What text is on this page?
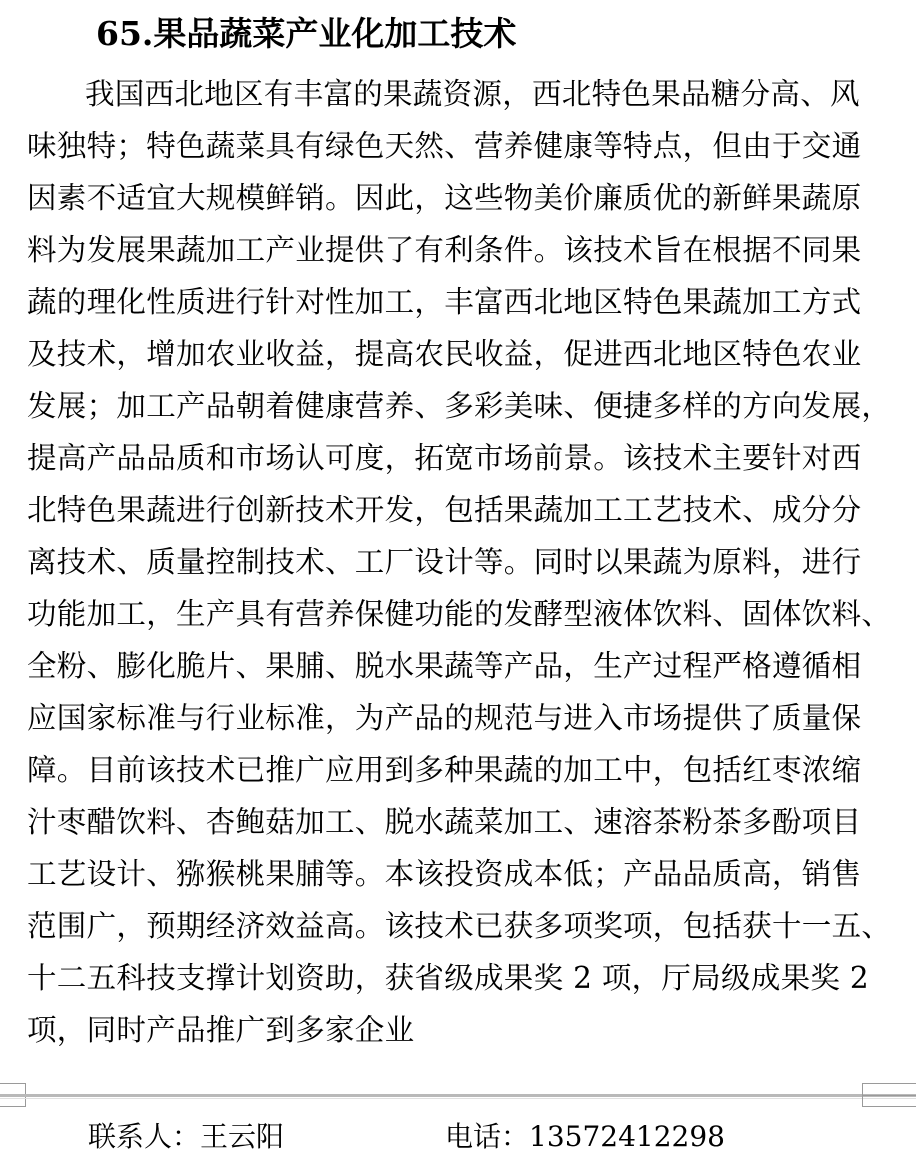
65.果品蔬菜产业化加工技术
我国西北地区有丰富的果蔬资源，西北特色果品糖分高、风
味独特；特色蔬菜具有绿色天然、营养健康等特点，但由于交通
因素不适宜大规模鲜销。因此，这些物美价廉质优的新鲜果蔬原
料为发展果蔬加工产业提供了有利条件。该技术旨在根据不同果
蔬的理化性质进行针对性加工，丰富西北地区特色果蔬加工方式
及技术，增加农业收益，提高农民收益，促进西北地区特色农业
发展；加工产品朝着健康营养、多彩美味、便捷多样的方向发展，
提高产品品质和市场认可度，拓宽市场前景。该技术主要针对西
北特色果蔬进行创新技术开发，包括果蔬加工工艺技术、成分分
离技术、质量控制技术、工厂设计等。同时以果蔬为原料，进行
功能加工，生产具有营养保健功能的发酵型液体饮料、固体饮料、
全粉、膨化脆片、果脯、脱水果蔬等产品，生产过程严格遵循相
应国家标准与行业标准，为产品的规范与进入市场提供了质量保
障。目前该技术已推广应用到多种果蔬的加工中，包括红枣浓缩
汁枣醋饮料、杏鲍菇加工、脱水蔬菜加工、速溶茶粉茶多酚项目
工艺设计、猕猴桃果脯等。本该投资成本低；产品品质高，销售
范围广，预期经济效益高。该技术已获多项奖项，包括获十一五、
十二五科技支撑计划资助，获省级成果奖 2 项，厅局级成果奖 2
项，同时产品推广到多家企业
联系人：王云阳	电话：13572412298
